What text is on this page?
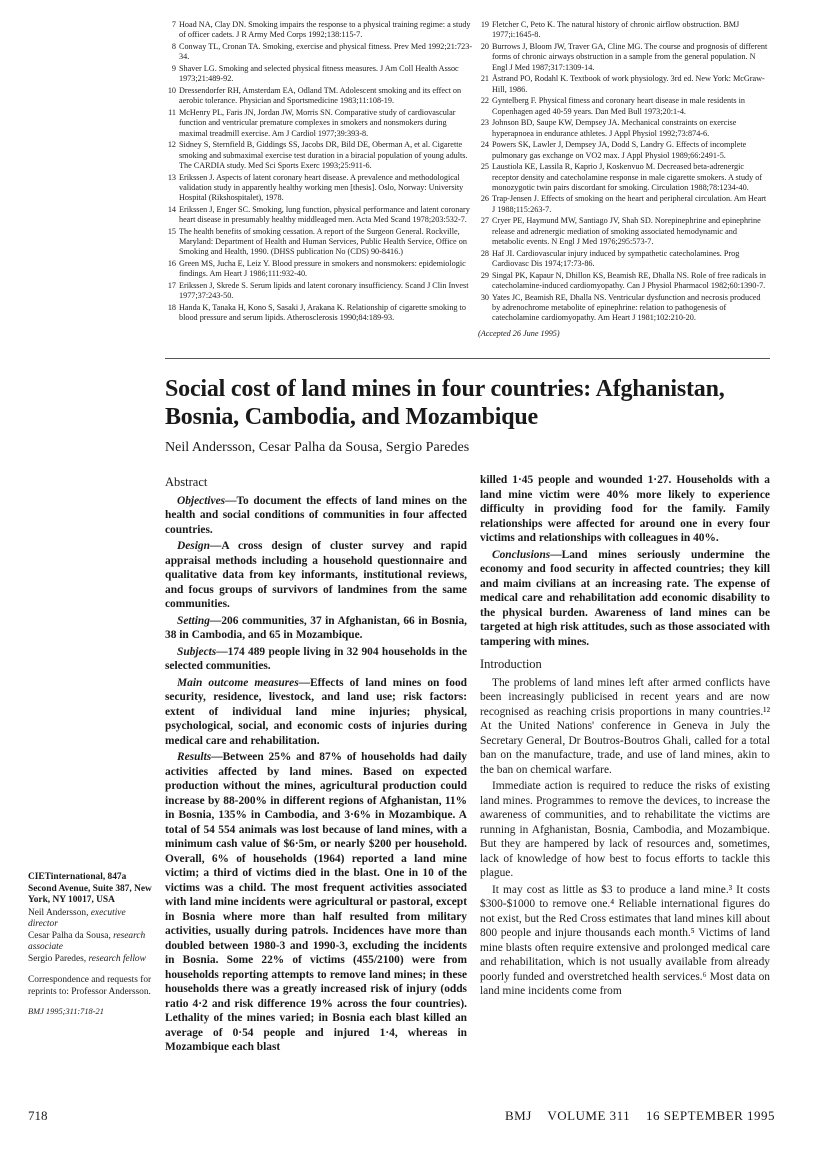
7 Hoad NA, Clay DN. Smoking impairs the response to a physical training regime: a study of officer cadets. J R Army Med Corps 1992;138:115-7.
8 Conway TL, Cronan TA. Smoking, exercise and physical fitness. Prev Med 1992;21:723-34.
9 Shaver LG. Smoking and selected physical fitness measures. J Am Coll Health Assoc 1973;21:489-92.
10 Dressendorfer RH, Amsterdam EA, Odland TM. Adolescent smoking and its effect on aerobic tolerance. Physician and Sportsmedicine 1983;11:108-19.
11 McHenry PL, Faris JN, Jordan JW, Morris SN. Comparative study of cardiovascular function and ventricular premature complexes in smokers and nonsmokers during maximal treadmill exercise. Am J Cardiol 1977;39:393-8.
12 Sidney S, Sternfield B, Giddings SS, Jacobs DR, Bild DE, Oberman A, et al. Cigarette smoking and submaximal exercise test duration in a biracial population of young adults. The CARDIA study. Med Sci Sports Exerc 1993;25:911-6.
13 Erikssen J. Aspects of latent coronary heart disease. A prevalence and methodological validation study in apparently healthy working men [thesis]. Oslo, Norway: University Hospital (Rikshospitalet), 1978.
14 Erikssen J, Enger SC. Smoking, lung function, physical performance and latent coronary heart disease in presumably healthy middleaged men. Acta Med Scand 1978;203:532-7.
15 The health benefits of smoking cessation. A report of the Surgeon General. Rockville, Maryland: Department of Health and Human Services, Public Health Service, Office on Smoking and Health, 1990. (DHSS publication No (CDS) 90-8416.)
16 Green MS, Jucha E, Leiz Y. Blood pressure in smokers and nonsmokers: epidemiologic findings. Am Heart J 1986;111:932-40.
17 Erikssen J, Skrede S. Serum lipids and latent coronary insufficiency. Scand J Clin Invest 1977;37:243-50.
18 Handa K, Tanaka H, Kono S, Sasaki J, Arakana K. Relationship of cigarette smoking to blood pressure and serum lipids. Atherosclerosis 1990;84:189-93.
19 Fletcher C, Peto K. The natural history of chronic airflow obstruction. BMJ 1977;i:1645-8.
20 Burrows J, Bloom JW, Traver GA, Cline MG. The course and prognosis of different forms of chronic airways obstruction in a sample from the general population. N Engl J Med 1987;317:1309-14.
21 Åstrand PO, Rodahl K. Textbook of work physiology. 3rd ed. New York: McGraw-Hill, 1986.
22 Gyntelberg F. Physical fitness and coronary heart disease in male residents in Copenhagen aged 40-59 years. Dan Med Bull 1973;20:1-4.
23 Johnson BD, Saupe KW, Dempsey JA. Mechanical constraints on exercise hyperapnoea in endurance athletes. J Appl Physiol 1992;73:874-6.
24 Powers SK, Lawler J, Dempsey JA, Dodd S, Landry G. Effects of incomplete pulmonary gas exchange on VO2 max. J Appl Physiol 1989;66:2491-5.
25 Laustiola KE, Lassila R, Kaprio J, Koskenvuo M. Decreased beta-adrenergic receptor density and catecholamine response in male cigarette smokers. A study of monozygotic twin pairs discordant for smoking. Circulation 1988;78:1234-40.
26 Trap-Jensen J. Effects of smoking on the heart and peripheral circulation. Am Heart J 1988;115:263-7.
27 Cryer PE, Haymund MW, Santiago JV, Shah SD. Norepinephrine and epinephrine release and adrenergic mediation of smoking associated hemodynamic and metabolic events. N Engl J Med 1976;295:573-7.
28 Haf JI. Cardiovascular injury induced by sympathetic catecholamines. Prog Cardiovasc Dis 1974;17:73-86.
29 Singal PK, Kapaur N, Dhillon KS, Beamish RE, Dhalla NS. Role of free radicals in catecholamine-induced cardiomyopathy. Can J Physiol Pharmacol 1982;60:1390-7.
30 Yates JC, Beamish RE, Dhalla NS. Ventricular dysfunction and necrosis produced by adrenochrome metabolite of epinephrine: relation to pathogenesis of catecholamine cardiomyopathy. Am Heart J 1981;102:210-20.
(Accepted 26 June 1995)
Social cost of land mines in four countries: Afghanistan, Bosnia, Cambodia, and Mozambique
Neil Andersson, Cesar Palha da Sousa, Sergio Paredes
Abstract

Objectives—To document the effects of land mines on the health and social conditions of communities in four affected countries.

Design—A cross design of cluster survey and rapid appraisal methods including a household questionnaire and qualitative data from key informants, institutional reviews, and focus groups of survivors of landmines from the same communities.

Setting—206 communities, 37 in Afghanistan, 66 in Bosnia, 38 in Cambodia, and 65 in Mozambique.

Subjects—174 489 people living in 32 904 households in the selected communities.

Main outcome measures—Effects of land mines on food security, residence, livestock, and land use; risk factors: extent of individual land mine injuries; physical, psychological, social, and economic costs of injuries during medical care and rehabilitation.

Results—Between 25% and 87% of households had daily activities affected by land mines. Based on expected production without the mines, agricultural production could increase by 88-200% in different regions of Afghanistan, 11% in Bosnia, 135% in Cambodia, and 3·6% in Mozambique. A total of 54 554 animals was lost because of land mines, with a minimum cash value of $6·5m, or nearly $200 per household. Overall, 6% of households (1964) reported a land mine victim; a third of victims died in the blast. One in 10 of the victims was a child. The most frequent activities associated with land mine incidents were agricultural or pastoral, except in Bosnia where more than half resulted from military activities, usually during patrols. Incidences have more than doubled between 1980-3 and 1990-3, excluding the incidents in Bosnia. Some 22% of victims (455/2100) were from households reporting attempts to remove land mines; in these households there was a greatly increased risk of injury (odds ratio 4·2 and risk difference 19% across the four countries). Lethality of the mines varied; in Bosnia each blast killed an average of 0·54 people and injured 1·4, whereas in Mozambique each blast

killed 1·45 people and wounded 1·27. Households with a land mine victim were 40% more likely to experience difficulty in providing food for the family. Family relationships were affected for around one in every four victims and relationships with colleagues in 40%.

Conclusions—Land mines seriously undermine the economy and food security in affected countries; they kill and maim civilians at an increasing rate. The expense of medical care and rehabilitation add economic disability to the physical burden. Awareness of land mines can be targeted at high risk attitudes, such as those associated with tampering with mines.

Introduction

The problems of land mines left after armed conflicts have been increasingly publicised in recent years and are now recognised as reaching crisis proportions in many countries.¹² At the United Nations' conference in Geneva in July the Secretary General, Dr Boutros-Boutros Ghali, called for a total ban on the manufacture, trade, and use of land mines, akin to the ban on chemical warfare.

Immediate action is required to reduce the risks of existing land mines. Programmes to remove the devices, to increase the awareness of communities, and to rehabilitate the victims are running in Afghanistan, Bosnia, Cambodia, and Mozambique. But they are hampered by lack of resources and, sometimes, lack of knowledge of how best to focus efforts to tackle this plague.

It may cost as little as $3 to produce a land mine.³ It costs $300-$1000 to remove one.⁴ Reliable international figures do not exist, but the Red Cross estimates that land mines kill about 800 people and injure thousands each month.⁵ Victims of land mine blasts often require extensive and prolonged medical care and rehabilitation, which is not usually available from already poorly funded and overstretched health services.⁶ Most data on land mine incidents come from

CIETinternational, 847a Second Avenue, Suite 387, New York, NY 10017, USA
Neil Andersson, executive director
Cesar Palha da Sousa, research associate
Sergio Paredes, research fellow
Correspondence and requests for reprints to: Professor Andersson.
BMJ 1995;311:718-21
718	BMJ VOLUME 311 16 SEPTEMBER 1995
